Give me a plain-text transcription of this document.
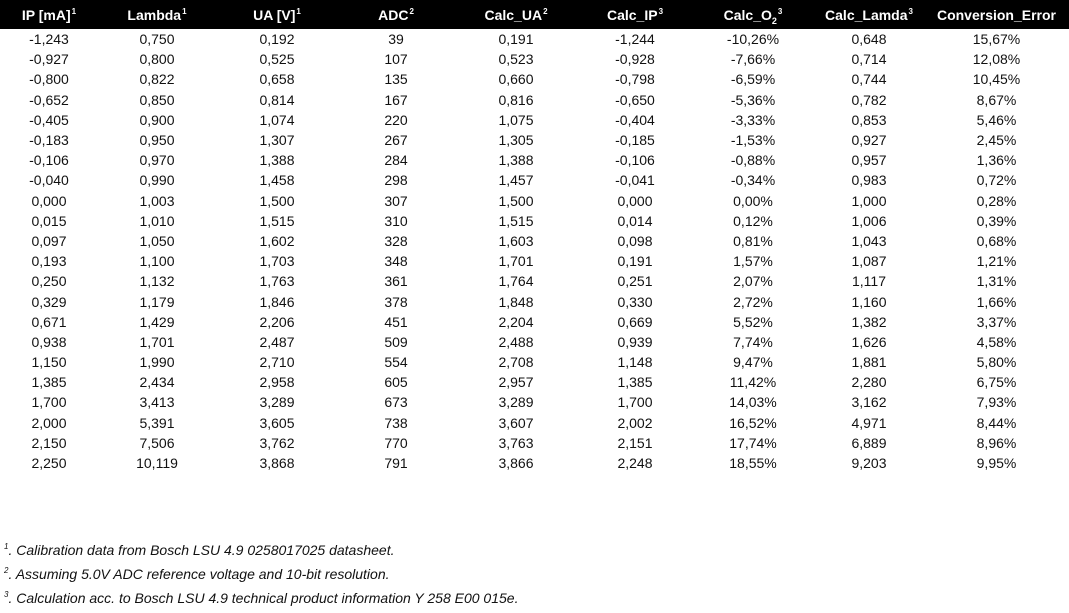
IP [mA]$^1$	Lambda$^1$	UA $[V]^1$	ADC$^2$	$Calc\_UA^2$	$Calc\_IP^3$	$Calc\_O_2^3$	Calc_Lamda$^3$	Conversion_Error
-1,243	0,750	0,192	39	0,191	-1,244	-10,26%	0,648	15,67%
-0,927	0,800	0,525	107	0,523	-0,928	-7,66%	0,714	12,08%
-0,800	0,822	0,658	135	0,660	-0,798	-6,59%	0,744	10,45%
-0,652	0,850	0,814	167	0,816	-0,650	-5,36%	0,782	8,67%
-0,405	0,900	1,074	220	1,075	-0,404	-3,33%	0,853	5,46%
-0,183	0,950	1,307	267	1,305	-0,185	-1,53%	0,927	2,45%
-0,106	0,970	1,388	284	1,388	-0,106	-0,88%	0,957	1,36%
-0,040	0,990	1,458	298	1,457	-0,041	-0,34%	0,983	0,72%
0,000	1,003	1,500	307	1,500	0,000	0,00%	1,000	0,28%
0,015	1,010	1,515	310	1,515	0,014	0,12%	1,006	0,39%
0,097	1,050	1,602	328	1,603	0,098	0,81%	1,043	0,68%
0,193	1,100	1,703	348	1,701	0,191	1,57%	1,087	1,21%
0,250	1,132	1,763	361	1,764	0,251	2,07%	1,117	1,31%
0,329	1,179	1,846	378	1,848	0,330	2,72%	1,160	1,66%
0,671	1,429	2,206	451	2,204	0,669	5,52%	1,382	3,37%
0,938	1,701	2,487	509	2,488	0,939	7,74%	1,626	4,58%
1,150	1,990	2,710	554	2,708	1,148	9,47%	1,881	5,80%
1,385	2,434	2,958	605	2,957	1,385	11,42%	2,280	6,75%
1,700	3,413	3,289	673	3,289	1,700	14,03%	3,162	7,93%
2,000	5,391	3,605	738	3,607	2,002	16,52%	4,971	8,44%
2,150	7,506	3,762	770	3,763	2,151	17,74%	6,889	8,96%
2,250	10,119	3,868	791	3,866	2,248	18,55%	9,203	9,95%
$^1$. Calibration data from Bosch LSU 4.9 0258017025 datasheet.
$^2$. Assuming 5.0V ADC reference voltage and 10-bit resolution.
$^3$. Calculation acc. to Bosch LSU 4.9 technical product information Y 258 E00 015e.
